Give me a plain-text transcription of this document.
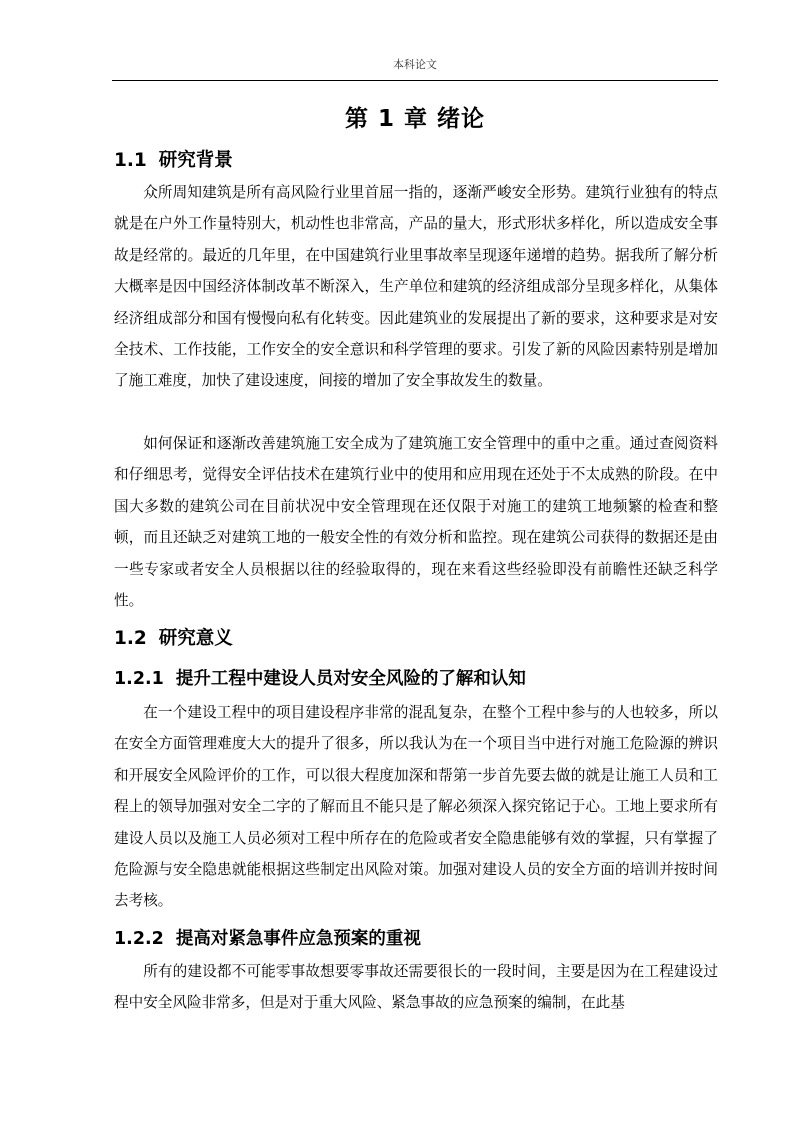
本科论文
第 1 章 绪论
1.1 研究背景

众所周知建筑是所有高风险行业里首屈一指的，逐渐严峻安全形势。建筑行业独有的特点就是在户外工作量特别大，机动性也非常高，产品的量大，形式形状多样化，所以造成安全事故是经常的。最近的几年里，在中国建筑行业里事故率呈现逐年递增的趋势。据我所了解分析大概率是因中国经济体制改革不断深入，生产单位和建筑的经济组成部分呈现多样化，从集体经济组成部分和国有慢慢向私有化转变。因此建筑业的发展提出了新的要求，这种要求是对安全技术、工作技能，工作安全的安全意识和科学管理的要求。引发了新的风险因素特别是增加了施工难度，加快了建设速度，间接的增加了安全事故发生的数量。

如何保证和逐渐改善建筑施工安全成为了建筑施工安全管理中的重中之重。通过查阅资料和仔细思考，觉得安全评估技术在建筑行业中的使用和应用现在还处于不太成熟的阶段。在中国大多数的建筑公司在目前状况中安全管理现在还仅限于对施工的建筑工地频繁的检查和整顿，而且还缺乏对建筑工地的一般安全性的有效分析和监控。现在建筑公司获得的数据还是由一些专家或者安全人员根据以往的经验取得的，现在来看这些经验即没有前瞻性还缺乏科学性。

1.2 研究意义
1.2.1 提升工程中建设人员对安全风险的了解和认知

在一个建设工程中的项目建设程序非常的混乱复杂，在整个工程中参与的人也较多，所以在安全方面管理难度大大的提升了很多，所以我认为在一个项目当中进行对施工危险源的辨识和开展安全风险评价的工作，可以很大程度加深和帮第一步首先要去做的就是让施工人员和工程上的领导加强对安全二字的了解而且不能只是了解必须深入探究铭记于心。工地上要求所有建设人员以及施工人员必须对工程中所存在的危险或者安全隐患能够有效的掌握，只有掌握了危险源与安全隐患就能根据这些制定出风险对策。加强对建设人员的安全方面的培训并按时间去考核。

1.2.2 提高对紧急事件应急预案的重视

所有的建设都不可能零事故想要零事故还需要很长的一段时间，主要是因为在工程建设过程中安全风险非常多，但是对于重大风险、紧急事故的应急预案的编制，在此基
